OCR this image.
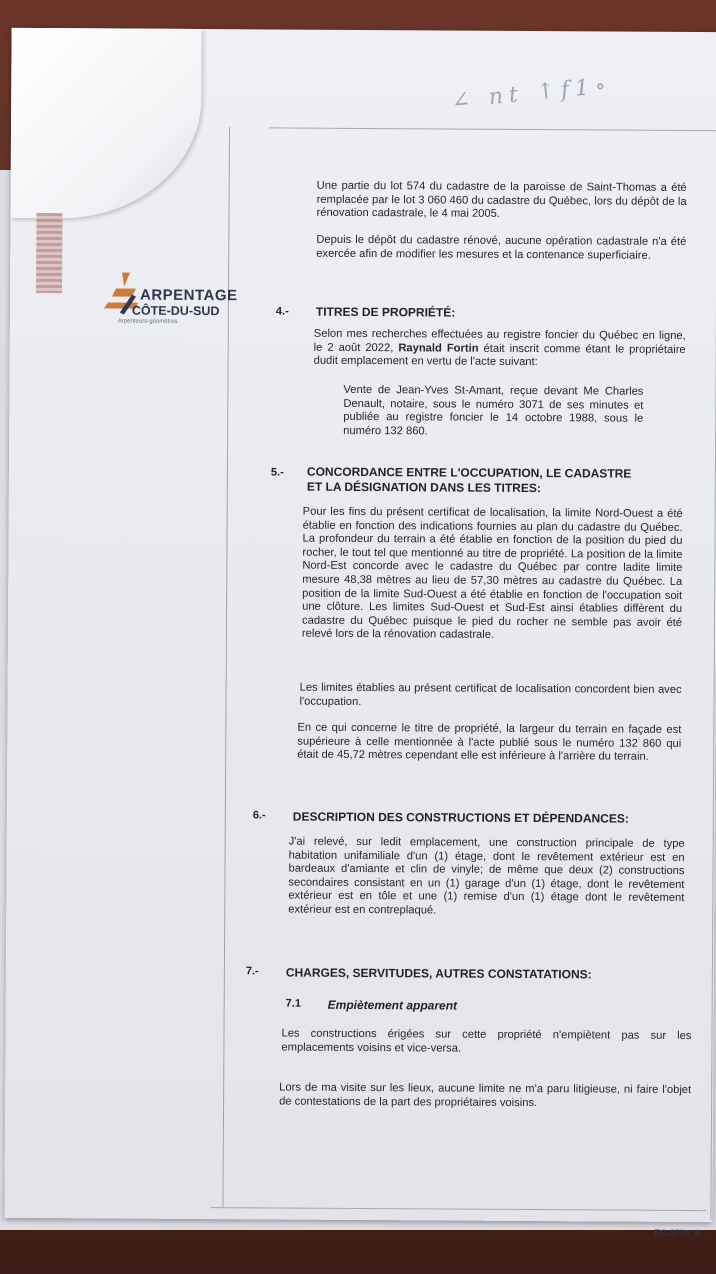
∠ nt ↑f1∘
ARPENTAGE
CÔTE-DU-SUD
Arpenteurs-géomètres
Une partie du lot 574 du cadastre de la paroisse de Saint-Thomas a été remplacée par le lot 3 060 460 du cadastre du Québec, lors du dépôt de la rénovation cadastrale, le 4 mai 2005.
Depuis le dépôt du cadastre rénové, aucune opération cadastrale n'a été exercée afin de modifier les mesures et la contenance superficiaire.
4.- TITRES DE PROPRIÉTÉ:
Selon mes recherches effectuées au registre foncier du Québec en ligne, le 2 août 2022, Raynald Fortin était inscrit comme étant le propriétaire dudit emplacement en vertu de l'acte suivant:
Vente de Jean-Yves St-Amant, reçue devant Me Charles Denault, notaire, sous le numéro 3071 de ses minutes et publiée au registre foncier le 14 octobre 1988, sous le numéro 132 860.
5.- CONCORDANCE ENTRE L'OCCUPATION, LE CADASTRE
ET LA DÉSIGNATION DANS LES TITRES:
Pour les fins du présent certificat de localisation, la limite Nord-Ouest a été établie en fonction des indications fournies au plan du cadastre du Québec. La profondeur du terrain a été établie en fonction de la position du pied du rocher, le tout tel que mentionné au titre de propriété. La position de la limite Nord-Est concorde avec le cadastre du Québec par contre ladite limite mesure 48,38 mètres au lieu de 57,30 mètres au cadastre du Québec. La position de la limite Sud-Ouest a été établie en fonction de l'occupation soit une clôture. Les limites Sud-Ouest et Sud-Est ainsi établies diffèrent du cadastre du Québec puisque le pied du rocher ne semble pas avoir été relevé lors de la rénovation cadastrale.
Les limites établies au présent certificat de localisation concordent bien avec l'occupation.
En ce qui concerne le titre de propriété, la largeur du terrain en façade est supérieure à celle mentionnée à l'acte publié sous le numéro 132 860 qui était de 45,72 mètres cependant elle est inférieure à l'arrière du terrain.
6.- DESCRIPTION DES CONSTRUCTIONS ET DÉPENDANCES:
J'ai relevé, sur ledit emplacement, une construction principale de type habitation unifamiliale d'un (1) étage, dont le revêtement extérieur est en bardeaux d'amiante et clin de vinyle; de même que deux (2) constructions secondaires consistant en un (1) garage d'un (1) étage, dont le revêtement extérieur est en tôle et une (1) remise d'un (1) étage dont le revêtement extérieur est en contreplaqué.
7.- CHARGES, SERVITUDES, AUTRES CONSTATATIONS:
7.1 Empiètement apparent
Les constructions érigées sur cette propriété n'empiètent pas sur les emplacements voisins et vice-versa.
Lors de ma visite sur les lieux, aucune limite ne m'a paru litigieuse, ni faire l'objet de contestations de la part des propriétaires voisins.
EC-3774_2
